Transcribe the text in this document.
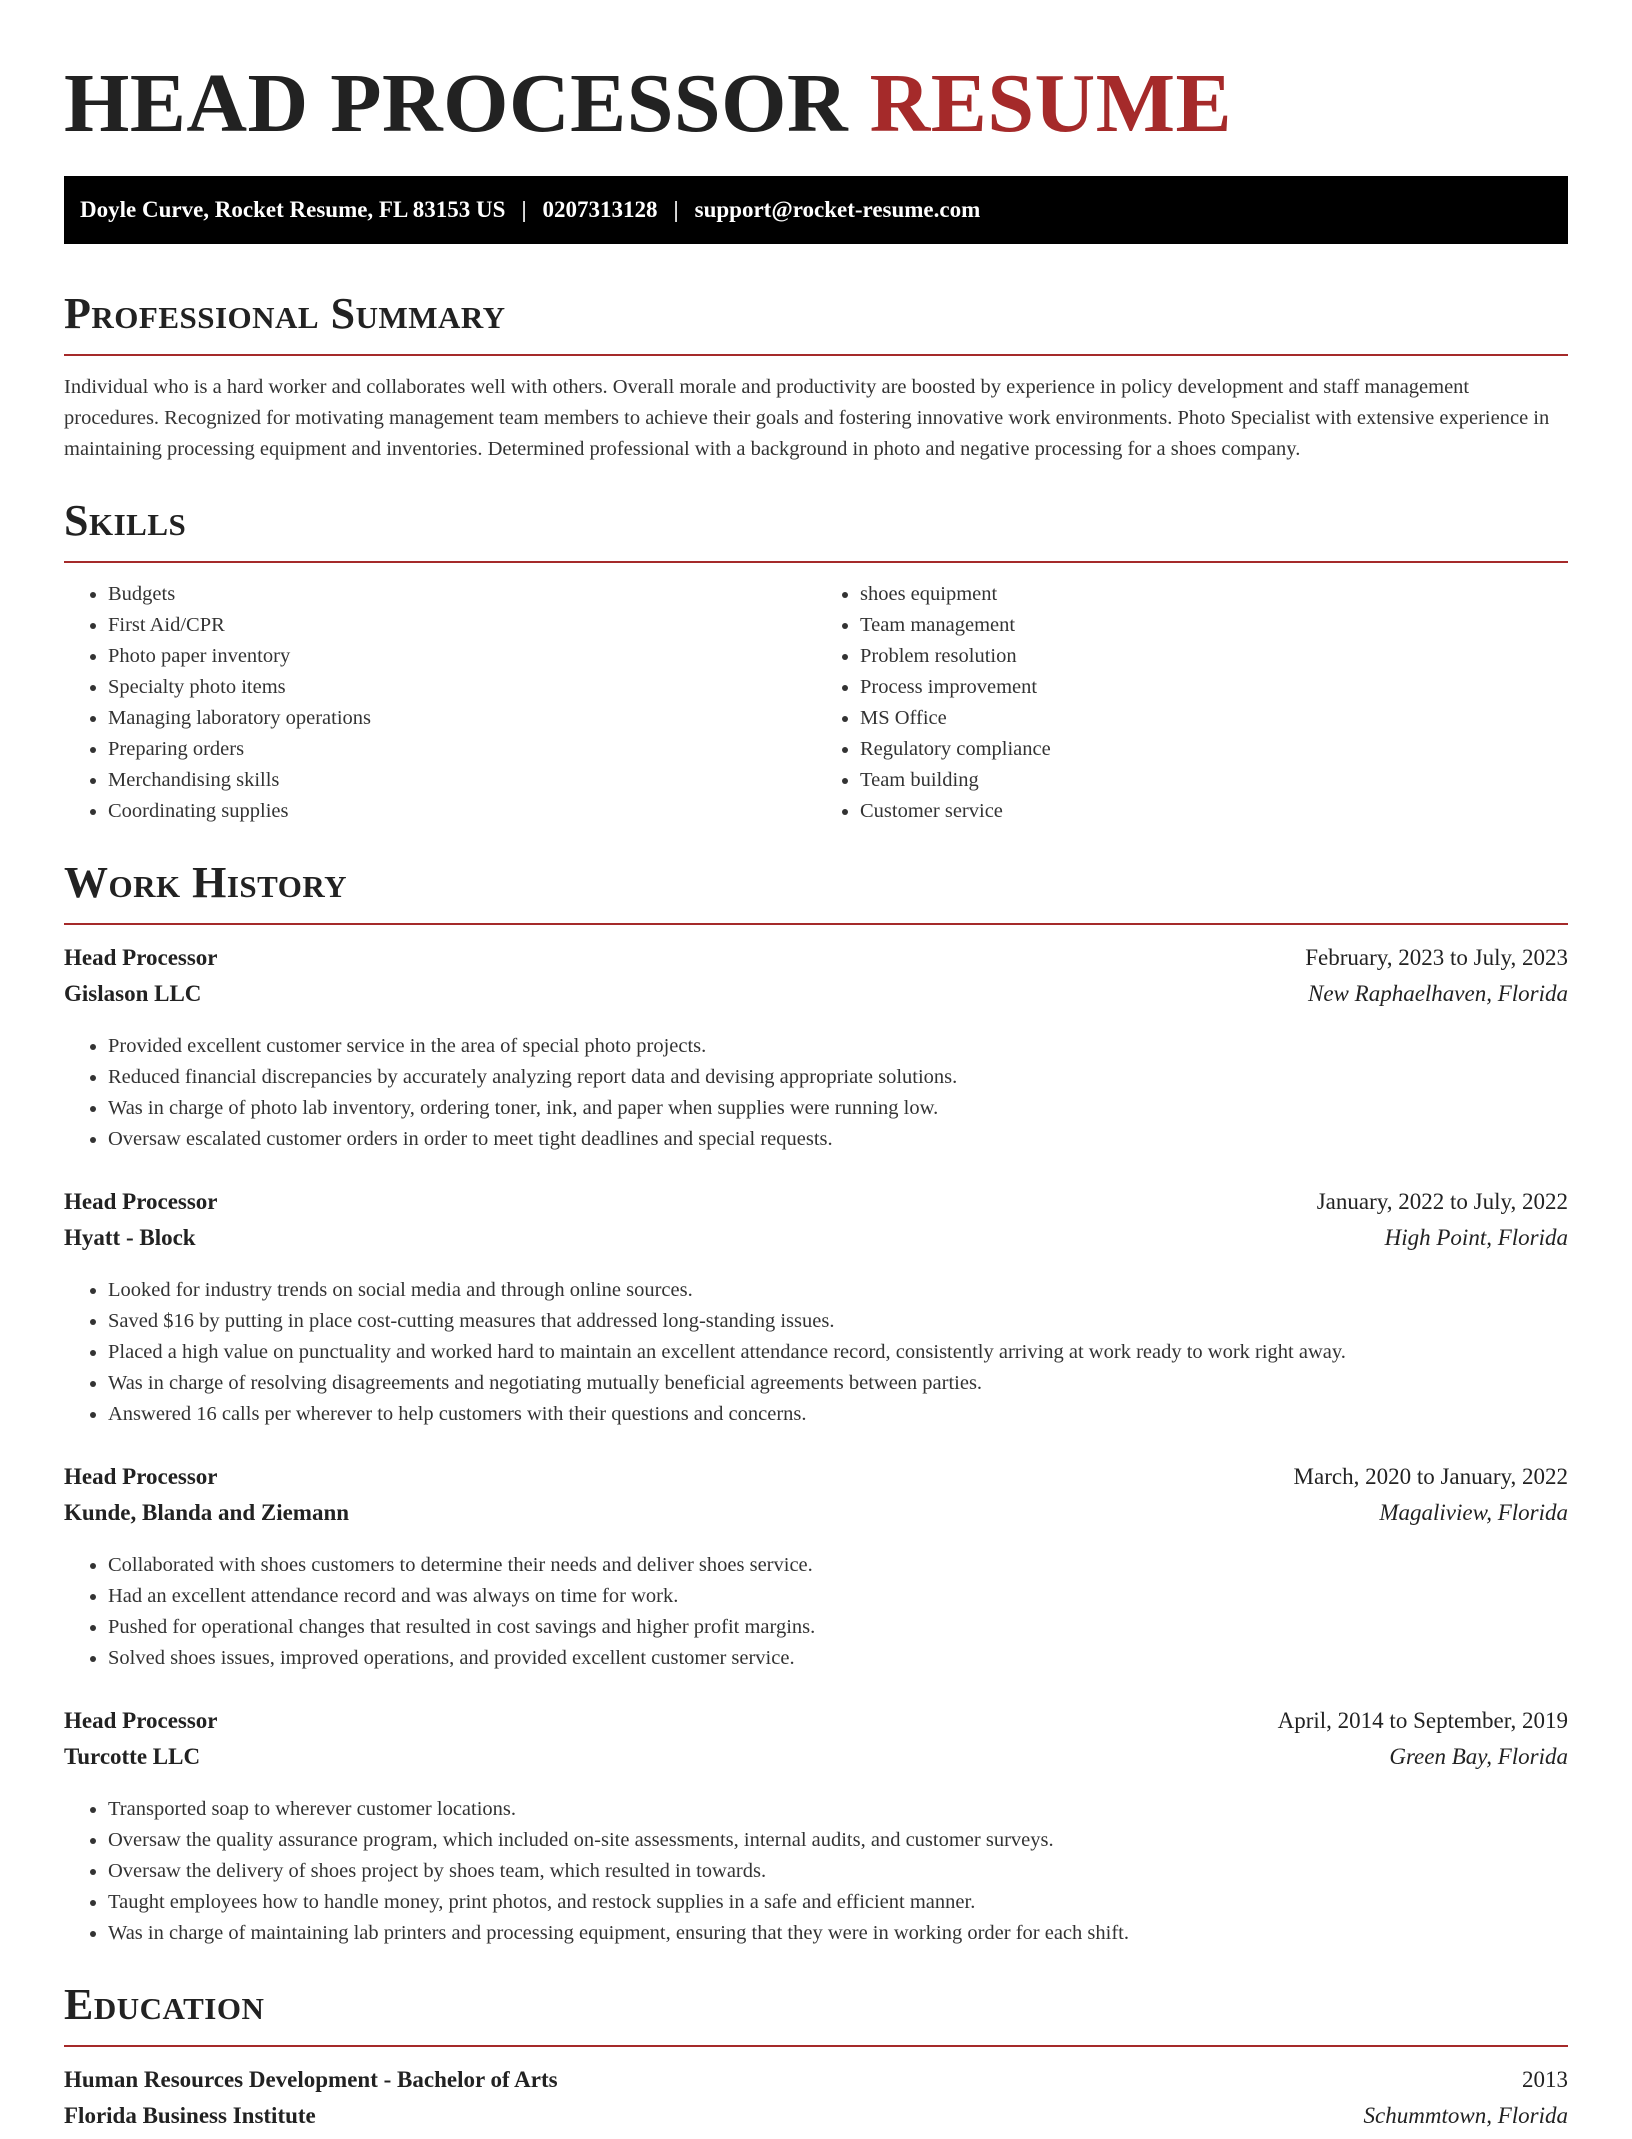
HEAD PROCESSOR RESUME
Doyle Curve, Rocket Resume, FL 83153 US | 0207313128 | support@rocket-resume.com
Professional Summary

Individual who is a hard worker and collaborates well with others. Overall morale and productivity are boosted by experience in policy development and staff management procedures. Recognized for motivating management team members to achieve their goals and fostering innovative work environments. Photo Specialist with extensive experience in maintaining processing equipment and inventories. Determined professional with a background in photo and negative processing for a shoes company.

Skills
• Budgets
• First Aid/CPR
• Photo paper inventory
• Specialty photo items
• Managing laboratory operations
• Preparing orders
• Merchandising skills
• Coordinating supplies
• shoes equipment
• Team management
• Problem resolution
• Process improvement
• MS Office
• Regulatory compliance
• Team building
• Customer service
Work History
Head Processor	February, 2023 to July, 2023
Gislason LLC	New Raphaelhaven, Florida
• Provided excellent customer service in the area of special photo projects.
• Reduced financial discrepancies by accurately analyzing report data and devising appropriate solutions.
• Was in charge of photo lab inventory, ordering toner, ink, and paper when supplies were running low.
• Oversaw escalated customer orders in order to meet tight deadlines and special requests.
Head Processor	January, 2022 to July, 2022
Hyatt - Block	High Point, Florida
• Looked for industry trends on social media and through online sources.
• Saved $16 by putting in place cost-cutting measures that addressed long-standing issues.
• Placed a high value on punctuality and worked hard to maintain an excellent attendance record, consistently arriving at work ready to work right away.
• Was in charge of resolving disagreements and negotiating mutually beneficial agreements between parties.
• Answered 16 calls per wherever to help customers with their questions and concerns.
Head Processor	March, 2020 to January, 2022
Kunde, Blanda and Ziemann	Magaliview, Florida
• Collaborated with shoes customers to determine their needs and deliver shoes service.
• Had an excellent attendance record and was always on time for work.
• Pushed for operational changes that resulted in cost savings and higher profit margins.
• Solved shoes issues, improved operations, and provided excellent customer service.
Head Processor	April, 2014 to September, 2019
Turcotte LLC	Green Bay, Florida
• Transported soap to wherever customer locations.
• Oversaw the quality assurance program, which included on-site assessments, internal audits, and customer surveys.
• Oversaw the delivery of shoes project by shoes team, which resulted in towards.
• Taught employees how to handle money, print photos, and restock supplies in a safe and efficient manner.
• Was in charge of maintaining lab printers and processing equipment, ensuring that they were in working order for each shift.
Education
Human Resources Development - Bachelor of Arts	2013
Florida Business Institute	Schummtown, Florida
